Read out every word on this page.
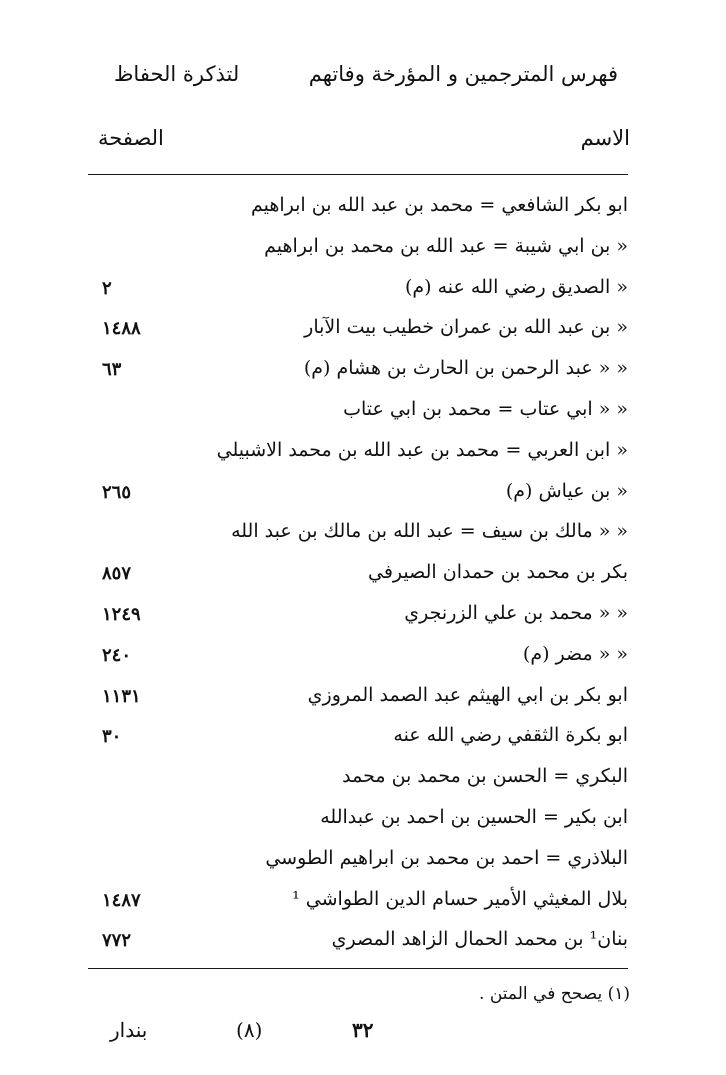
فهرس المترجمين و المؤرخة وفاتهم
لتذكرة الحفاظ
الاسم
الصفحة
ابو بكر الشافعي = محمد بن عبد الله بن ابراهيم
« بن ابي شيبة = عبد الله بن محمد بن ابراهيم
« الصديق رضي الله عنه (م)
٢
« بن عبد الله بن عمران خطيب بيت الآبار
١٤٨٨
« « عبد الرحمن بن الحارث بن هشام (م)
٦٣
« « ابي عتاب = محمد بن ابي عتاب
« ابن العربي = محمد بن عبد الله بن محمد الاشبيلي
« بن عياش (م)
٢٦٥
« « مالك بن سيف = عبد الله بن مالك بن عبد الله
بكر بن محمد بن حمدان الصيرفي
٨٥٧
« « محمد بن علي الزرنجري
١٢٤٩
« « مضر (م)
٢٤٠
ابو بكر بن ابي الهيثم عبد الصمد المروزي
١١٣١
ابو بكرة الثقفي رضي الله عنه
٣٠
البكري = الحسن بن محمد بن محمد
ابن بكير = الحسين بن احمد بن عبدالله
البلاذري = احمد بن محمد بن ابراهيم الطوسي
بلال المغيثي الأمير حسام الدين الطواشي ¹
١٤٨٧
بنان¹ بن محمد الحمال الزاهد المصري
٧٧٢
(١) يصحح في المتن .
بندار	(٨)	٣٢
